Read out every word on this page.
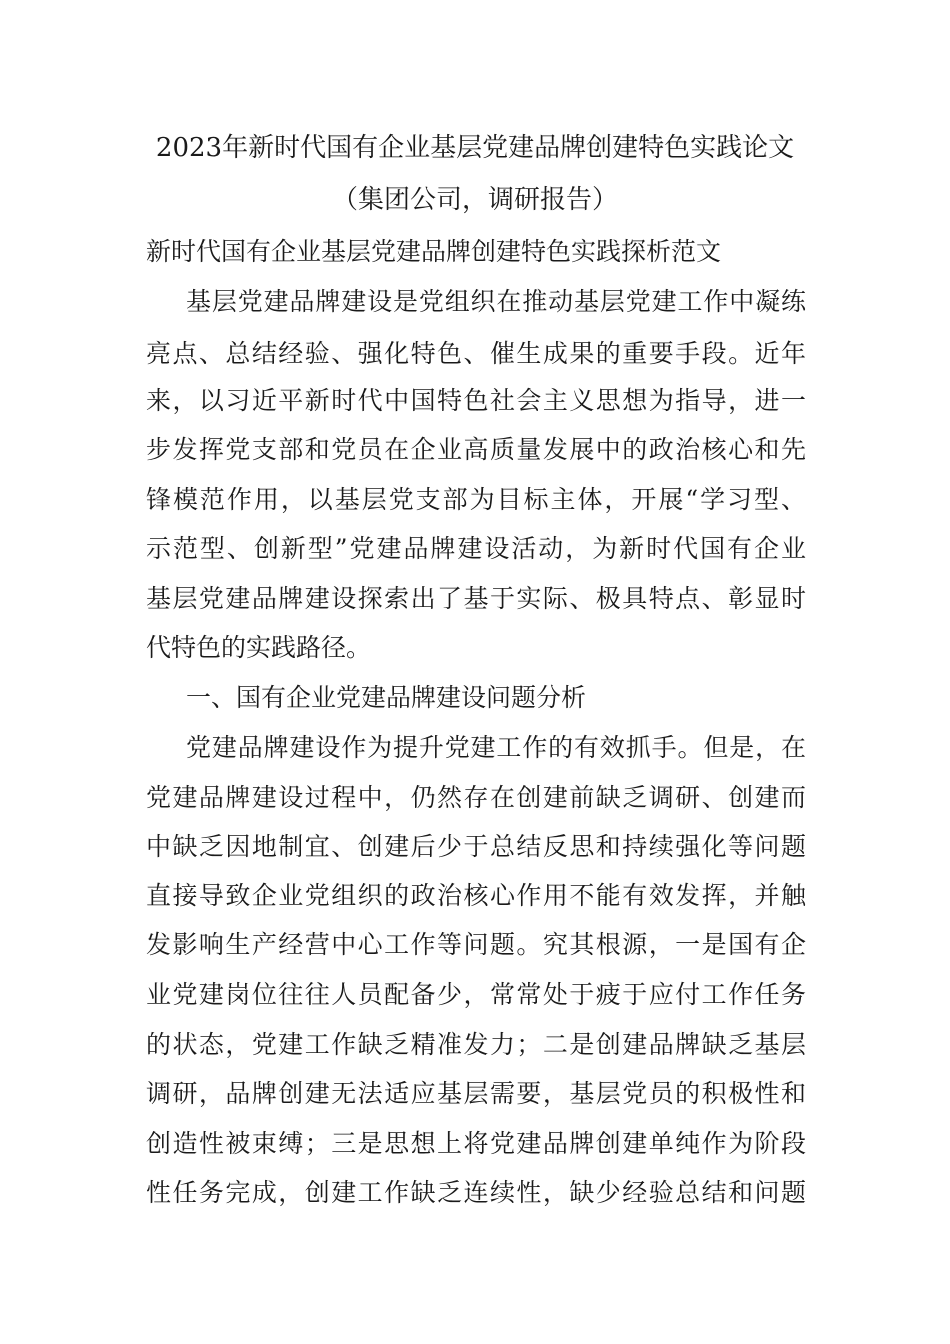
2023年新时代国有企业基层党建品牌创建特色实践论文
（集团公司，调研报告）
新时代国有企业基层党建品牌创建特色实践探析范文
基层党建品牌建设是党组织在推动基层党建工作中凝练
亮点、总结经验、强化特色、催生成果的重要手段。近年
来，以习近平新时代中国特色社会主义思想为指导，进一
步发挥党支部和党员在企业高质量发展中的政治核心和先
锋模范作用，以基层党支部为目标主体，开展“学习型、
示范型、创新型”党建品牌建设活动，为新时代国有企业
基层党建品牌建设探索出了基于实际、极具特点、彰显时
代特色的实践路径。
一、国有企业党建品牌建设问题分析
党建品牌建设作为提升党建工作的有效抓手。但是，在
党建品牌建设过程中，仍然存在创建前缺乏调研、创建而
中缺乏因地制宜、创建后少于总结反思和持续强化等问题
直接导致企业党组织的政治核心作用不能有效发挥，并触
发影响生产经营中心工作等问题。究其根源，一是国有企
业党建岗位往往人员配备少，常常处于疲于应付工作任务
的状态，党建工作缺乏精准发力；二是创建品牌缺乏基层
调研，品牌创建无法适应基层需要，基层党员的积极性和
创造性被束缚；三是思想上将党建品牌创建单纯作为阶段
性任务完成，创建工作缺乏连续性，缺少经验总结和问题
